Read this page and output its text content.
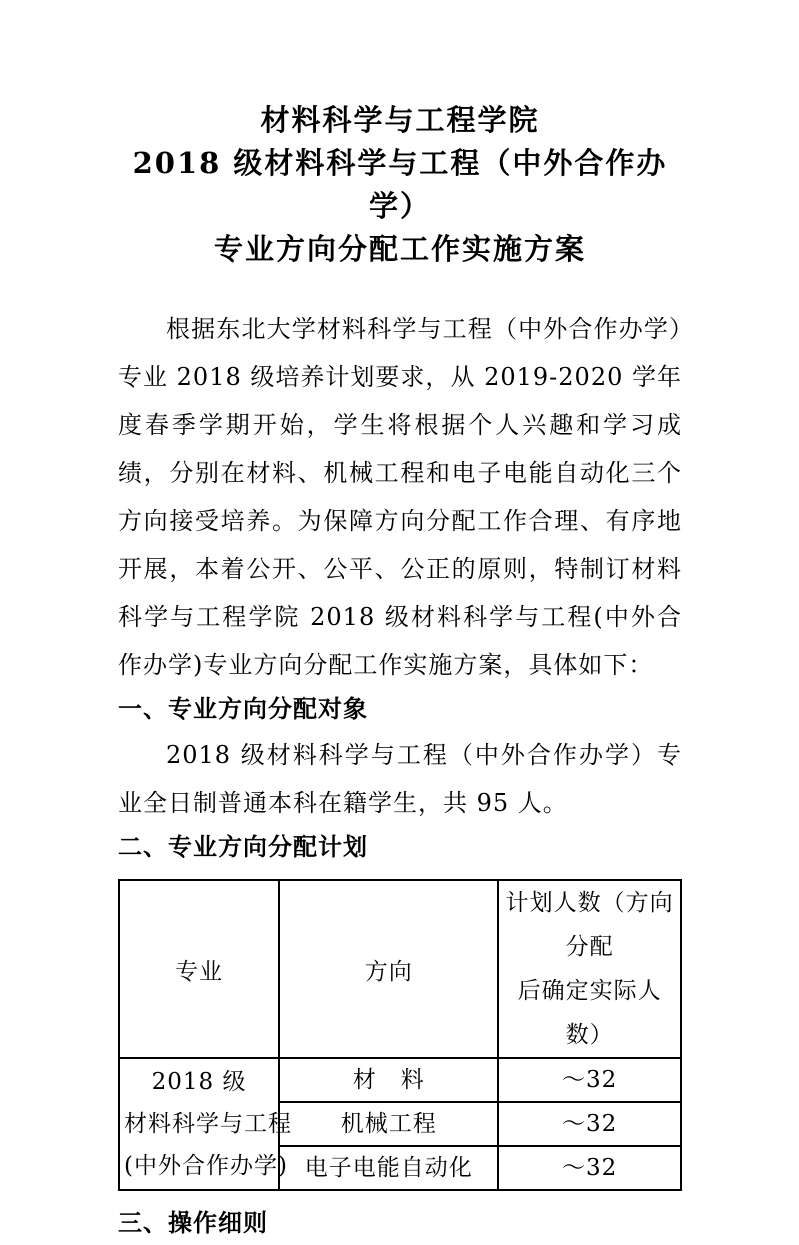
材料科学与工程学院
2018 级材料科学与工程（中外合作办学）
专业方向分配工作实施方案

根据东北大学材料科学与工程（中外合作办学）专业 2018 级培养计划要求，从 2019-2020 学年度春季学期开始，学生将根据个人兴趣和学习成绩，分别在材料、机械工程和电子电能自动化三个方向接受培养。为保障方向分配工作合理、有序地开展，本着公开、公平、公正的原则，特制订材料科学与工程学院 2018 级材料科学与工程(中外合作办学)专业方向分配工作实施方案，具体如下：

一、专业方向分配对象

2018 级材料科学与工程（中外合作办学）专业全日制普通本科在籍学生，共 95 人。

二、专业方向分配计划
专业	方向	计划人数（方向分配
后确定实际人数）

2018 级
材料科学与工程
(中外合作办学)	材　料	～32
	机械工程	～32
	电子电能自动化	～32
三、操作细则
